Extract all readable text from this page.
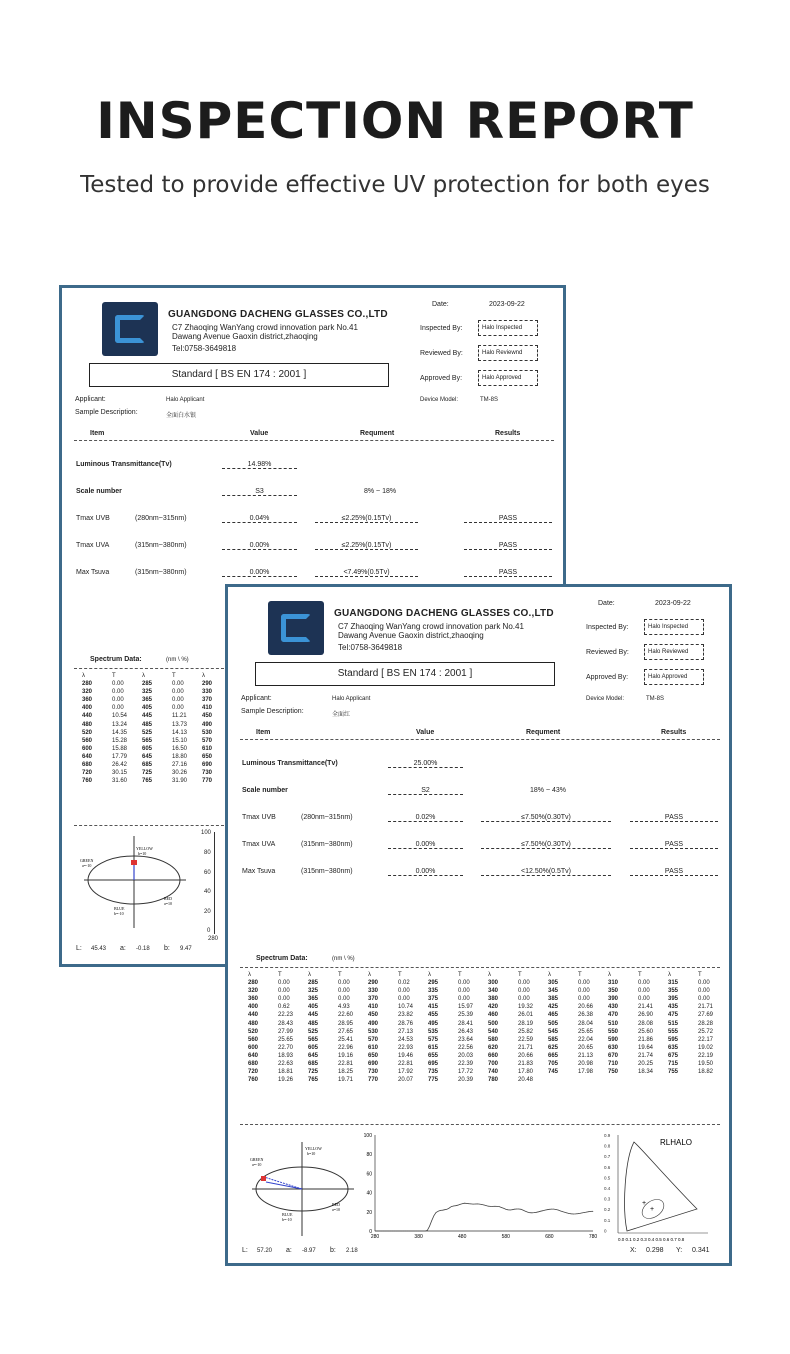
INSPECTION REPORT
Tested to provide effective UV protection for both eyes
GUANGDONG DACHENG GLASSES CO.,LTD
C7 Zhaoqing WanYang crowd innovation park No.41
Dawang Avenue Gaoxin district,zhaoqing
Tel:0758-3649818
Standard [ BS EN 174 : 2001 ]
Date:	2023-09-22
Inspected By:	Halo Inspected
Reviewed By:	Halo Reviewnd
Approved By:	Halo Approved
Applicant:	Halo Applicant
Sample Description:	全面白水银
Device Model:	TM-8S
Item	Value	Requment	Results
Luminous Transmittance(Tv)	14.98%
Scale number	S3	8% ~ 18%
Tmax UVB	(280nm~315nm)	0.04%	≤2.25%(0.15Tv)	PASS
Tmax UVA	(315nm~380nm)	0.00%	≤2.25%(0.15Tv)	PASS
Max Tsuva	(315nm~380nm)	0.00%	<7.49%(0.5Tv)	PASS
Spectrum Data:	(nm \ %)
λ	T	λ	T	λ
280	0.00	285	0.00	290
320	0.00	325	0.00	330
360	0.00	365	0.00	370
400	0.00	405	0.00	410
440	10.54	445	11.21	450
480	13.24	485	13.73	490
520	14.35	525	14.13	530
560	15.28	565	15.10	570
600	15.88	605	16.50	610
640	17.79	645	18.80	650
680	26.42	685	27.16	690
720	30.15	725	30.26	730
760	31.60	765	31.90	770
YELLOW
b=10
GREEN
a=-10
RED
a=10
BLUE
b=-10
100
80
60
40
20
0
280
L: 45.43 a: -0.18 b: 9.47
GUANGDONG DACHENG GLASSES CO.,LTD
C7 Zhaoqing WanYang crowd innovation park No.41
Dawang Avenue Gaoxin district,zhaoqing
Tel:0758-3649818
Standard [ BS EN 174 : 2001 ]
Date:	2023-09-22
Inspected By:	Halo Inspected
Reviewed By:	Halo Reviewed
Approved By:	Halo Approved
Applicant:	Halo Applicant
Sample Description:	全面红
Device Model:	TM-8S
Item	Value	Requment	Results
Luminous Transmittance(Tv)	25.00%
Scale number	S2	18% ~ 43%
Tmax UVB	(280nm~315nm)	0.02%	≤7.50%(0.30Tv)	PASS
Tmax UVA	(315nm~380nm)	0.00%	≤7.50%(0.30Tv)	PASS
Max Tsuva	(315nm~380nm)	0.00%	<12.50%(0.5Tv)	PASS
Spectrum Data:	(nm \ %)
λ	T	λ	T	λ	T	λ	T	λ	T	λ	T	λ	T	λ	T
280	0.00	285	0.00	290	0.02	295	0.00	300	0.00	305	0.00	310	0.00	315	0.00
320	0.00	325	0.00	330	0.00	335	0.00	340	0.00	345	0.00	350	0.00	355	0.00
360	0.00	365	0.00	370	0.00	375	0.00	380	0.00	385	0.00	390	0.00	395	0.00
400	0.62	405	4.93	410	10.74	415	15.97	420	19.32	425	20.66	430	21.41	435	21.71
440	22.23	445	22.60	450	23.82	455	25.39	460	26.01	465	26.38	470	26.90	475	27.69
480	28.43	485	28.95	490	28.76	495	28.41	500	28.19	505	28.04	510	28.08	515	28.28
520	27.99	525	27.65	530	27.13	535	26.43	540	25.82	545	25.65	550	25.60	555	25.72
560	25.65	565	25.41	570	24.53	575	23.64	580	22.59	585	22.04	590	21.86	595	22.17
600	22.70	605	22.96	610	22.93	615	22.56	620	21.71	625	20.65	630	19.64	635	19.02
640	18.93	645	19.16	650	19.46	655	20.03	660	20.66	665	21.13	670	21.74	675	22.19
680	22.63	685	22.81	690	22.81	695	22.39	700	21.83	705	20.98	710	20.25	715	19.50
720	18.81	725	18.25	730	17.92	735	17.72	740	17.80	745	17.98	750	18.34	755	18.82
760	19.26	765	19.71	770	20.07	775	20.39	780	20.48						
YELLOW
b=10
GREEN
a=-10
RED
a=10
BLUE
b=-10
100
80
60
40
20
0
280	380	480	580	680	780
0.9
0.8
0.7
0.6
0.5
0.4
0.3
0.2
0.1
0
+
+
RLHALO
0.0 0.1 0.2 0.3 0.4 0.5 0.6 0.7 0.8
L: 57.20 a: -8.97 b: 2.18	X: 0.298 Y: 0.341
